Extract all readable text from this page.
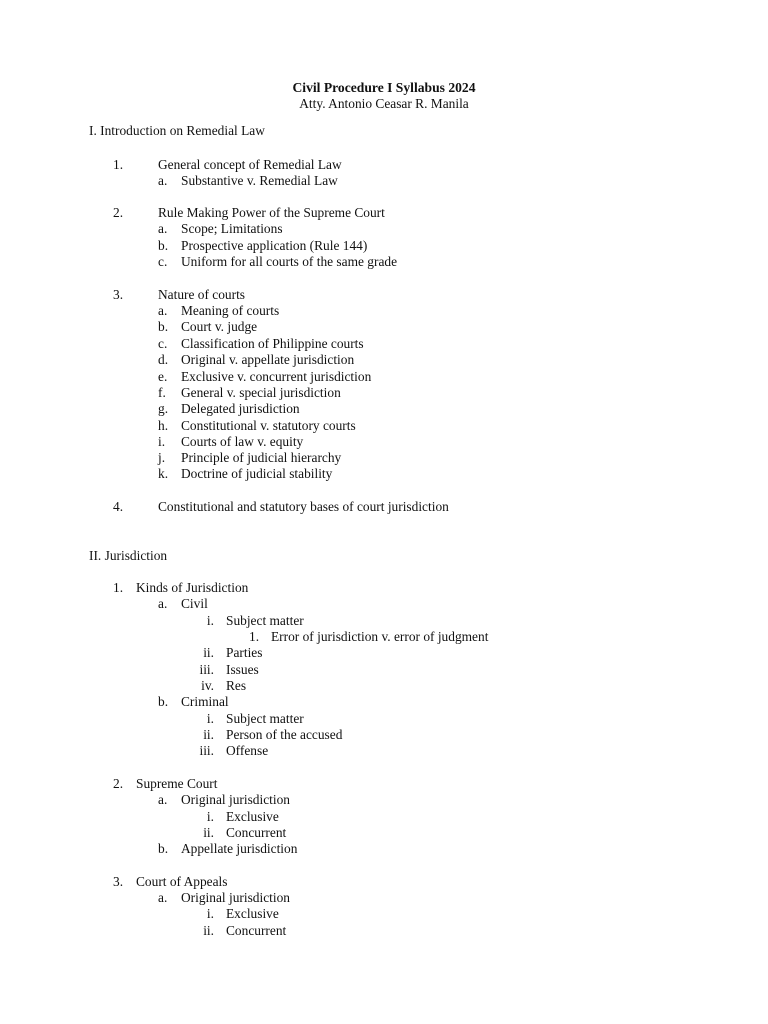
Civil Procedure I Syllabus 2024
Atty. Antonio Ceasar R. Manila
I. Introduction on Remedial Law
1.	General concept of Remedial Law
a. Substantive v. Remedial Law
2.	Rule Making Power of the Supreme Court
a. Scope; Limitations
b. Prospective application (Rule 144)
c. Uniform for all courts of the same grade
3.	Nature of courts
a. Meaning of courts
b. Court v. judge
c. Classification of Philippine courts
d. Original v. appellate jurisdiction
e. Exclusive v. concurrent jurisdiction
f. General v. special jurisdiction
g. Delegated jurisdiction
h. Constitutional v. statutory courts
i. Courts of law v. equity
j. Principle of judicial hierarchy
k. Doctrine of judicial stability
4.	Constitutional and statutory bases of court jurisdiction
II. Jurisdiction
1. Kinds of Jurisdiction
a. Civil
i. Subject matter
1. Error of jurisdiction v. error of judgment
ii. Parties
iii. Issues
iv. Res
b. Criminal
i. Subject matter
ii. Person of the accused
iii. Offense
2. Supreme Court
a. Original jurisdiction
i. Exclusive
ii. Concurrent
b. Appellate jurisdiction
3. Court of Appeals
a. Original jurisdiction
i. Exclusive
ii. Concurrent
